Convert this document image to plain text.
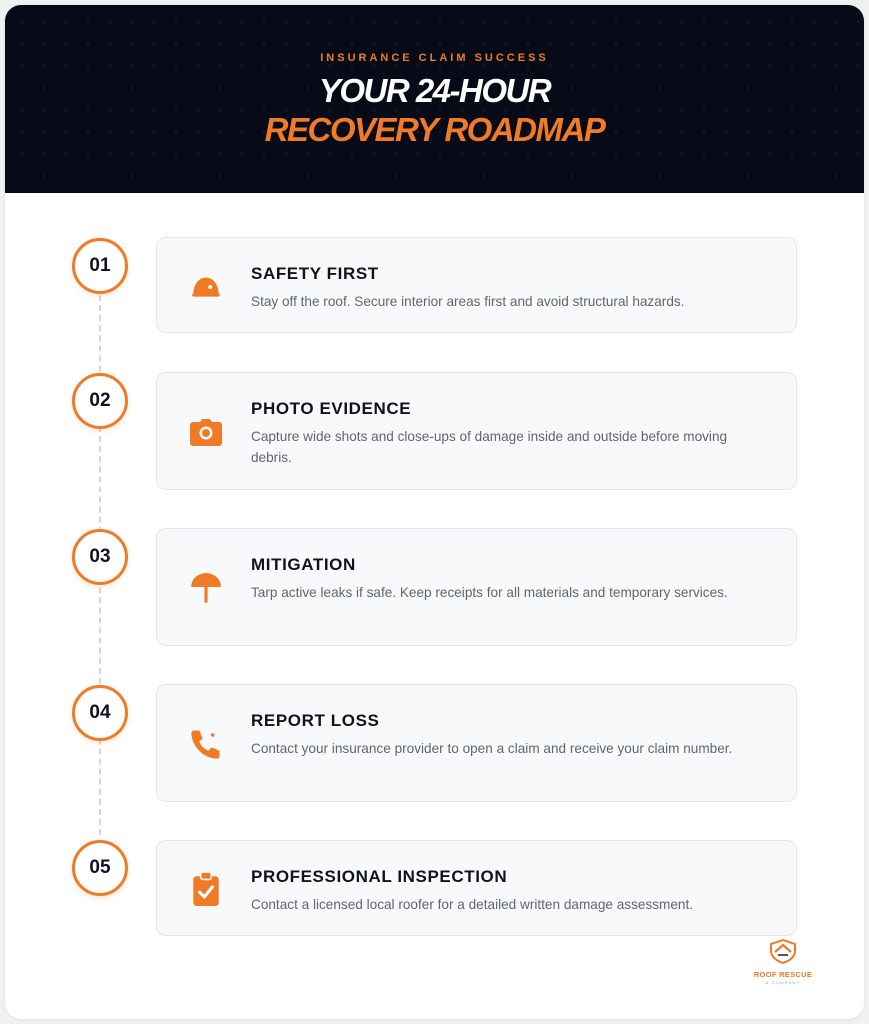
INSURANCE CLAIM SUCCESS
YOUR 24-HOUR
RECOVERY ROADMAP
01	SAFETY FIRST
Stay off the roof. Secure interior areas first and avoid structural hazards.
02	PHOTO EVIDENCE
Capture wide shots and close-ups of damage inside and outside before moving debris.
03	MITIGATION
Tarp active leaks if safe. Keep receipts for all materials and temporary services.
04	REPORT LOSS
Contact your insurance provider to open a claim and receive your claim number.
05	PROFESSIONAL INSPECTION
Contact a licensed local roofer for a detailed written damage assessment.
ROOF RESCUE
A COMPANY
